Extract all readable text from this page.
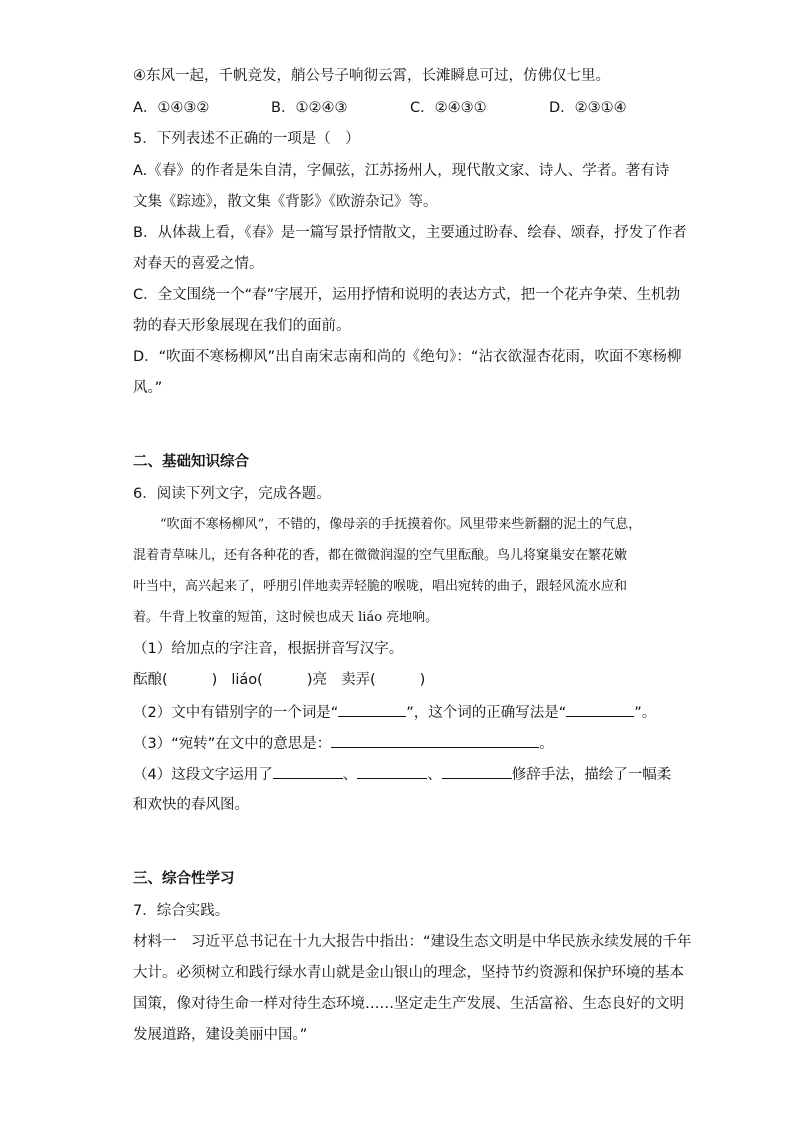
④东风一起，千帆竞发，艄公号子响彻云霄，长滩瞬息可过，仿佛仅七里。
A．①④③②	B．①②④③	C．②④③①	D．②③①④
5．下列表述不正确的一项是（　）
A.《春》的作者是朱自清，字佩弦，江苏扬州人，现代散文家、诗人、学者。著有诗
文集《踪迹》，散文集《背影》《欧游杂记》等。
B．从体裁上看，《春》是一篇写景抒情散文，主要通过盼春、绘春、颂春，抒发了作者
对春天的喜爱之情。
C．全文围绕一个“春”字展开，运用抒情和说明的表达方式，把一个花卉争荣、生机勃
勃的春天形象展现在我们的面前。
D．“吹面不寒杨柳风”出自南宋志南和尚的《绝句》：“沾衣欲湿杏花雨，吹面不寒杨柳
风。”
二、基础知识综合
6．阅读下列文字，完成各题。
“吹面不寒杨柳风”，不错的，像母亲的手抚摸着你。风里带来些新翻的泥土的气息，
混着青草味儿，还有各种花的香，都在微微润湿的空气里酝酿。鸟儿将窠巢安在繁花嫩
叶当中，高兴起来了，呼朋引伴地卖弄轻脆的喉咙，唱出宛转的曲子，跟轻风流水应和
着。牛背上牧童的短笛，这时候也成天 liáo 亮地响。
（1）给加点的字注音，根据拼音写汉字。
酝酿(	) liáo(	)亮 卖弄(	)
（2）文中有错别字的一个词是“	”，这个词的正确写法是“	”。
（3）“宛转”在文中的意思是：	。
（4）这段文字运用了	、	、	修辞手法，描绘了一幅柔
和欢快的春风图。
三、综合性学习
7．综合实践。
材料一　习近平总书记在十九大报告中指出：“建设生态文明是中华民族永续发展的千年
大计。必须树立和践行绿水青山就是金山银山的理念，坚持节约资源和保护环境的基本
国策，像对待生命一样对待生态环境……坚定走生产发展、生活富裕、生态良好的文明
发展道路，建设美丽中国。”
